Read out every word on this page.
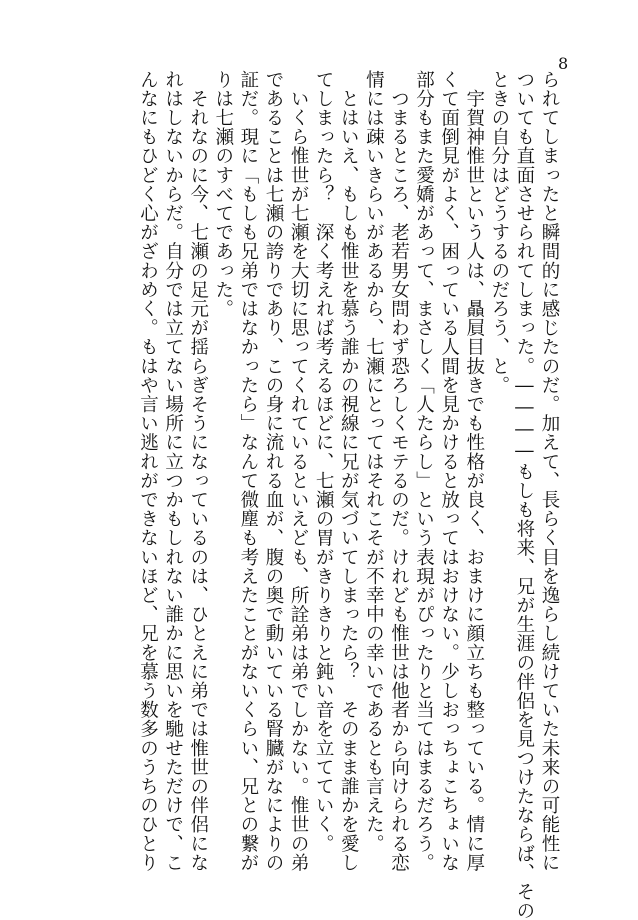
8
られてしまったと瞬間的に感じたのだ。加えて、長らく目を逸らし続けていた未来の可能性に
ついても直面させられてしまった。――――もしも将来、兄が生涯の伴侶を見つけたならば、その
ときの自分はどうするのだろう、と。
　宇賀神惟世という人は、贔屓目抜きでも性格が良く、おまけに顔立ちも整っている。情に厚
くて面倒見がよく、困っている人間を見かけると放ってはおけない。少しおっちょこちょいな
部分もまた愛嬌があって、まさしく「人たらし」という表現がぴったりと当てはまるだろう。
　つまるところ、老若男女問わず恐ろしくモテるのだ。けれども惟世は他者から向けられる恋
情には疎いきらいがあるから、七瀬にとってはそれこそが不幸中の幸いであるとも言えた。
　とはいえ、もしも惟世を慕う誰かの視線に兄が気づいてしまったら？　そのまま誰かを愛し
てしまったら？　深く考えれば考えるほどに、七瀬の胃がきりきりと鈍い音を立てていく。
　いくら惟世が七瀬を大切に思ってくれているといえども、所詮弟は弟でしかない。惟世の弟
であることは七瀬の誇りであり、この身に流れる血が、腹の奥で動いている腎臓がなによりの
証だ。現に「もしも兄弟ではなかったら」なんて微塵も考えたことがないくらい、兄との繋が
りは七瀬のすべてであった。
　それなのに今、七瀬の足元が揺らぎそうになっているのは、ひとえに弟では惟世の伴侶にな
れはしないからだ。自分では立てない場所に立つかもしれない誰かに思いを馳せただけで、こ
んなにもひどく心がざわめく。もはや言い逃れができないほど、兄を慕う数多のうちのひとり
